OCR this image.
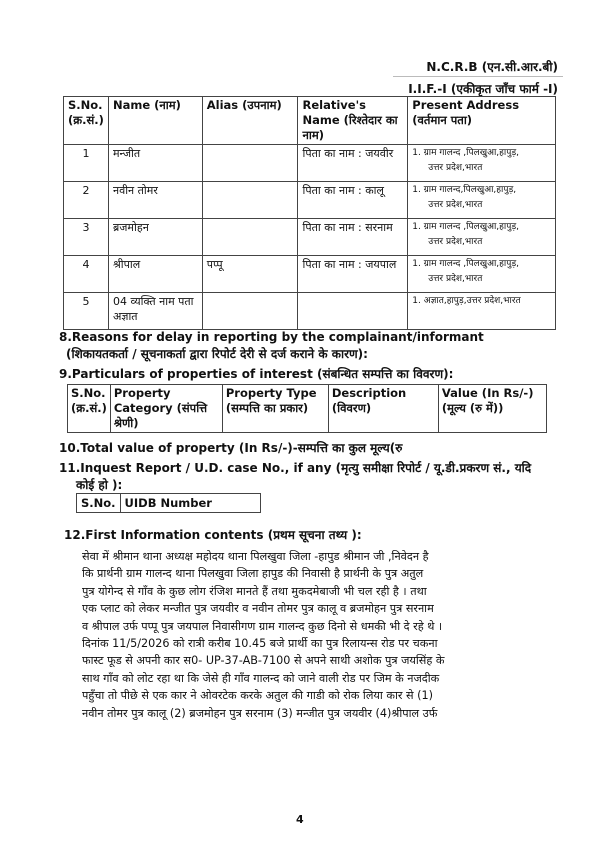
N.C.R.B (एन.सी.आर.बी)
I.I.F.-I (एकीकृत जाँच फार्म -I)
S.No. (क्र.सं.)	Name (नाम)	Alias (उपनाम)	Relative's Name (रिश्तेदार का नाम)	Present Address (वर्तमान पता)
1	मन्जीत		पिता का नाम : जयवीर	1. ग्राम गालन्द ,पिलखुआ,हापुड़,
उत्तर प्रदेश,भारत

2	नवीन तोमर		पिता का नाम : कालू	1. ग्राम गालन्द,पिलखुआ,हापुड़,
उत्तर प्रदेश,भारत

3	ब्रजमोहन		पिता का नाम : सरनाम	1. ग्राम गालन्द ,पिलखुआ,हापुड़,
उत्तर प्रदेश,भारत

4	श्रीपाल	पप्पू	पिता का नाम : जयपाल	1. ग्राम गालन्द ,पिलखुआ,हापुड़,
उत्तर प्रदेश,भारत

5	04 व्यक्ति नाम पता अज्ञात			1. अज्ञात,हापुड़,उत्तर प्रदेश,भारत
8.Reasons for delay in reporting by the complainant/informant
(शिकायतकर्ता / सूचनाकर्ता द्वारा रिपोर्ट देरी से दर्ज कराने के कारण):
9.Particulars of properties of interest (संबन्धित सम्पत्ति का विवरण):
S.No. (क्र.सं.)	Property Category (संपत्ति श्रेणी)	Property Type (सम्पत्ति का प्रकार)	Description (विवरण)	Value (In Rs/-) (मूल्य (रु में))
10.Total value of property (In Rs/-)-सम्पत्ति का कुल मूल्य(रु
11.Inquest Report / U.D. case No., if any (मृत्यु समीक्षा रिपोर्ट / यू.डी.प्रकरण सं., यदि
कोई हो ):
S.No.	UIDB Number
12.First Information contents (प्रथम सूचना तथ्य ):
सेवा में श्रीमान थाना अध्यक्ष महोदय थाना पिलखुवा जिला -हापुड श्रीमान जी ,निवेदन है
कि प्रार्थनी ग्राम गालन्द थाना पिलखुवा जिला हापुड की निवासी है प्रार्थनी के पुत्र अतुल
पुत्र योगेन्द से गाँव के कुछ लोग रंजिश मानते हैं तथा मुकदमेबाजी भी चल रही है । तथा
एक प्लाट को लेकर मन्जीत पुत्र जयवीर व नवीन तोमर पुत्र कालू व ब्रजमोहन पुत्र सरनाम
व श्रीपाल उर्फ पप्पू पुत्र जयपाल निवासीगण ग्राम गालन्द कुछ दिनो से धमकी भी दे रहे थे ।
दिनांक 11/5/2026 को रात्री करीब 10.45 बजे प्रार्थी का पुत्र रिलायन्स रोड पर चकना
फास्ट फूड से अपनी कार स0- UP-37-AB-7100 से अपने साथी अशोक पुत्र जयसिंह के
साथ गाँव को लोट रहा था कि जेसे ही गाँव गालन्द को जाने वाली रोड पर जिम के नजदीक
पहुँचा तो पीछे से एक कार ने ओवरटेक करके अतुल की गाडी को रोक लिया कार से (1)
नवीन तोमर पुत्र कालू (2) ब्रजमोहन पुत्र सरनाम (3) मन्जीत पुत्र जयवीर (4)श्रीपाल उर्फ
4
